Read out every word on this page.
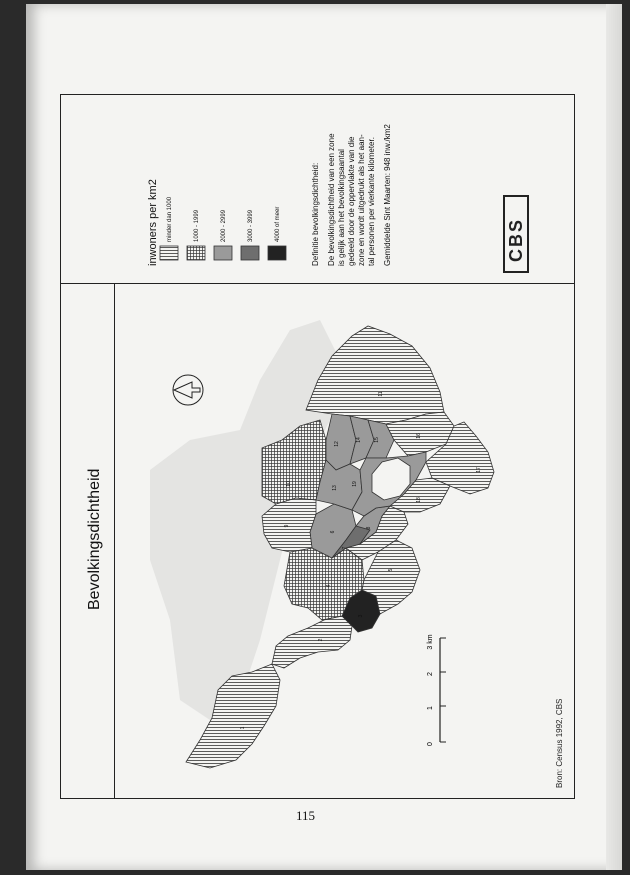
1
2
3
4
5
6
7
8
9
10
11
12
13
14 15
16
17
18
19
0
1
2
3 km
Bron: Census 1992, CBS
Bevolkingsdichtheid
inwoners per km2 minder dan 1000	1000 - 1999	2000 - 2999	3000 - 3999	4000 of meer	Definitie bevolkingsdichtheid: De bevolkingsdichtheid van een zone is gelijk aan het bevolkingsaantal gedeeld door de oppervlakte van die zone en wordt uitgedrukt als het aan- tal personen per vierkante kilometer. Gemiddelde Sint Maarten: 948 inw./km2	CBS
115
